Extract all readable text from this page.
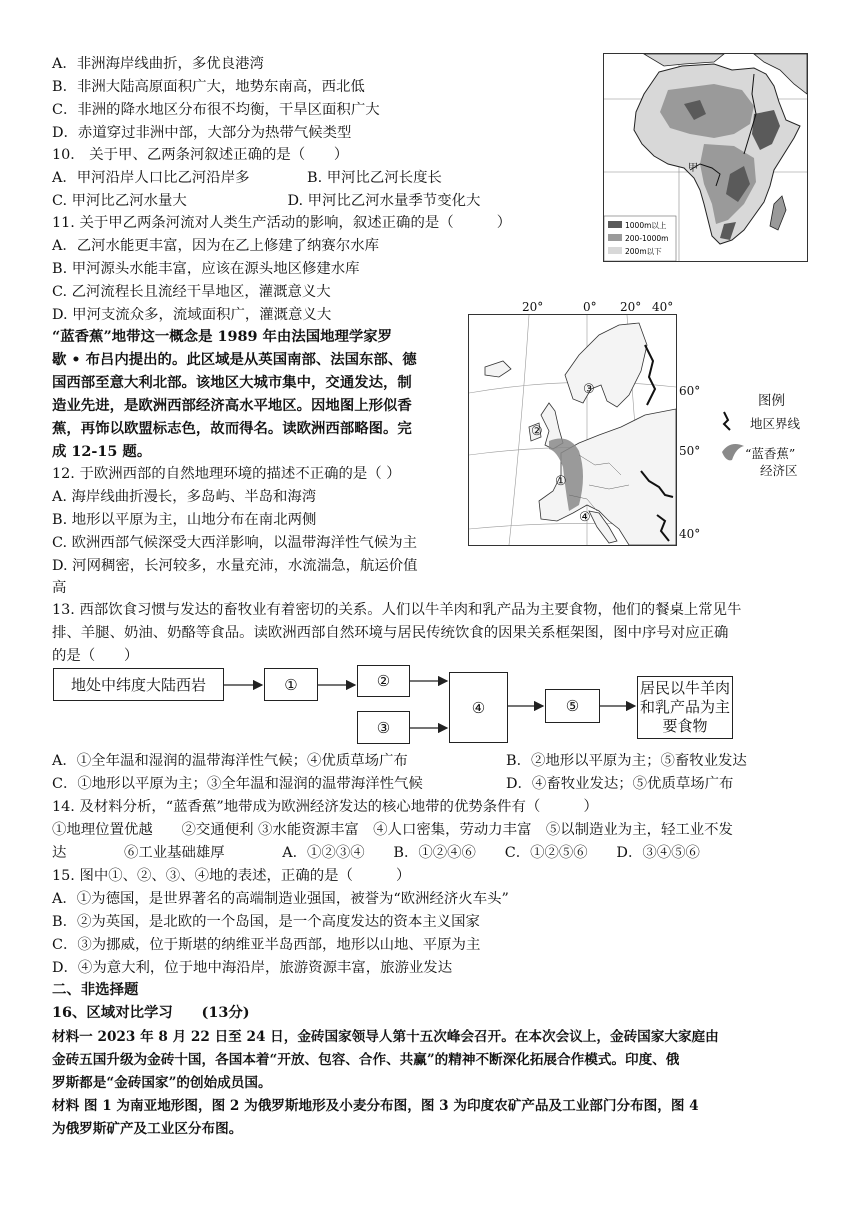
A．非洲海岸线曲折，多优良港湾
B．非洲大陆高原面积广大，地势东南高，西北低
C．非洲的降水地区分布很不均衡，干旱区面积广大
D．赤道穿过非洲中部，大部分为热带气候类型
10． 关于甲、乙两条河叙述正确的是（　　）
A．甲河沿岸人口比乙河沿岸多　　　　B. 甲河比乙河长度长
C. 甲河比乙河水量大　　　　　　　D. 甲河比乙河水量季节变化大
11. 关于甲乙两条河流对人类生产活动的影响，叙述正确的是（　　　）
A．乙河水能更丰富，因为在乙上修建了纳赛尔水库
B. 甲河源头水能丰富，应该在源头地区修建水库
C. 乙河流程长且流经干旱地区，灌溉意义大
D. 甲河支流众多，流域面积广，灌溉意义大
“蓝香蕉”地带这一概念是 1989 年由法国地理学家罗
歇 • 布吕内提出的。此区域是从英国南部、法国东部、德
国西部至意大利北部。该地区大城市集中，交通发达，制
造业先进，是欧洲西部经济高水平地区。因地图上形似香
蕉，再饰以欧盟标志色，故而得名。读欧洲西部略图。完
成 12-15 题。
12. 于欧洲西部的自然地理环境的描述不正确的是（ ）
A. 海岸线曲折漫长，多岛屿、半岛和海湾
B. 地形以平原为主，山地分布在南北两侧
C. 欧洲西部气候深受大西洋影响，以温带海洋性气候为主
D. 河网稠密，长河较多，水量充沛，水流湍急，航运价值
高
13. 西部饮食习惯与发达的畜牧业有着密切的关系。人们以牛羊肉和乳产品为主要食物，他们的餐桌上常见牛
排、羊腿、奶油、奶酪等食品。读欧洲西部自然环境与居民传统饮食的因果关系框架图，图中序号对应正确
的是（　　）
地处中纬度大陆西岩	①	②
③
④	⑤
居民以牛羊肉
和乳产品为主
要食物
A．①全年温和湿润的温带海洋性气候；④优质草场广布	B．②地形以平原为主；⑤畜牧业发达
C．①地形以平原为主；③全年温和湿润的温带海洋性气候	D．④畜牧业发达；⑤优质草场广布
14. 及材料分析，“蓝香蕉”地带成为欧洲经济发达的核心地带的优势条件有（　　　）
①地理位置优越　　②交通便利 ③水能资源丰富　④人口密集，劳动力丰富　⑤以制造业为主，轻工业不发
达　　　　⑥工业基础雄厚　　　　A．①②③④　　B．①②④⑥　　C．①②⑤⑥　　D．③④⑤⑥
15. 图中①、②、③、④地的表述，正确的是（　　　）
A．①为德国，是世界著名的高端制造业强国，被誉为“欧洲经济火车头”
B．②为英国，是北欧的一个岛国，是一个高度发达的资本主义国家
C．③为挪威，位于斯堪的纳维亚半岛西部，地形以山地、平原为主
D．④为意大利，位于地中海沿岸，旅游资源丰富，旅游业发达
二、非选择题
16、区域对比学习　　(13分)
材料一 2023 年 8 月 22 日至 24 日，金砖国家领导人第十五次峰会召开。在本次会议上，金砖国家大家庭由
金砖五国升级为金砖十国，各国本着“开放、包容、合作、共赢”的精神不断深化拓展合作模式。印度、俄
罗斯都是“金砖国家”的创始成员国。
材料 图 1 为南亚地形图，图 2 为俄罗斯地形及小麦分布图，图 3 为印度农矿产品及工业部门分布图，图 4
为俄罗斯矿产及工业区分布图。
甲
1000m以上
200-1000m
200m以下
20°	0° 20° 40°
①
②
③
④
60°
50°
40°
图例
地区界线
“蓝香蕉”
经济区
